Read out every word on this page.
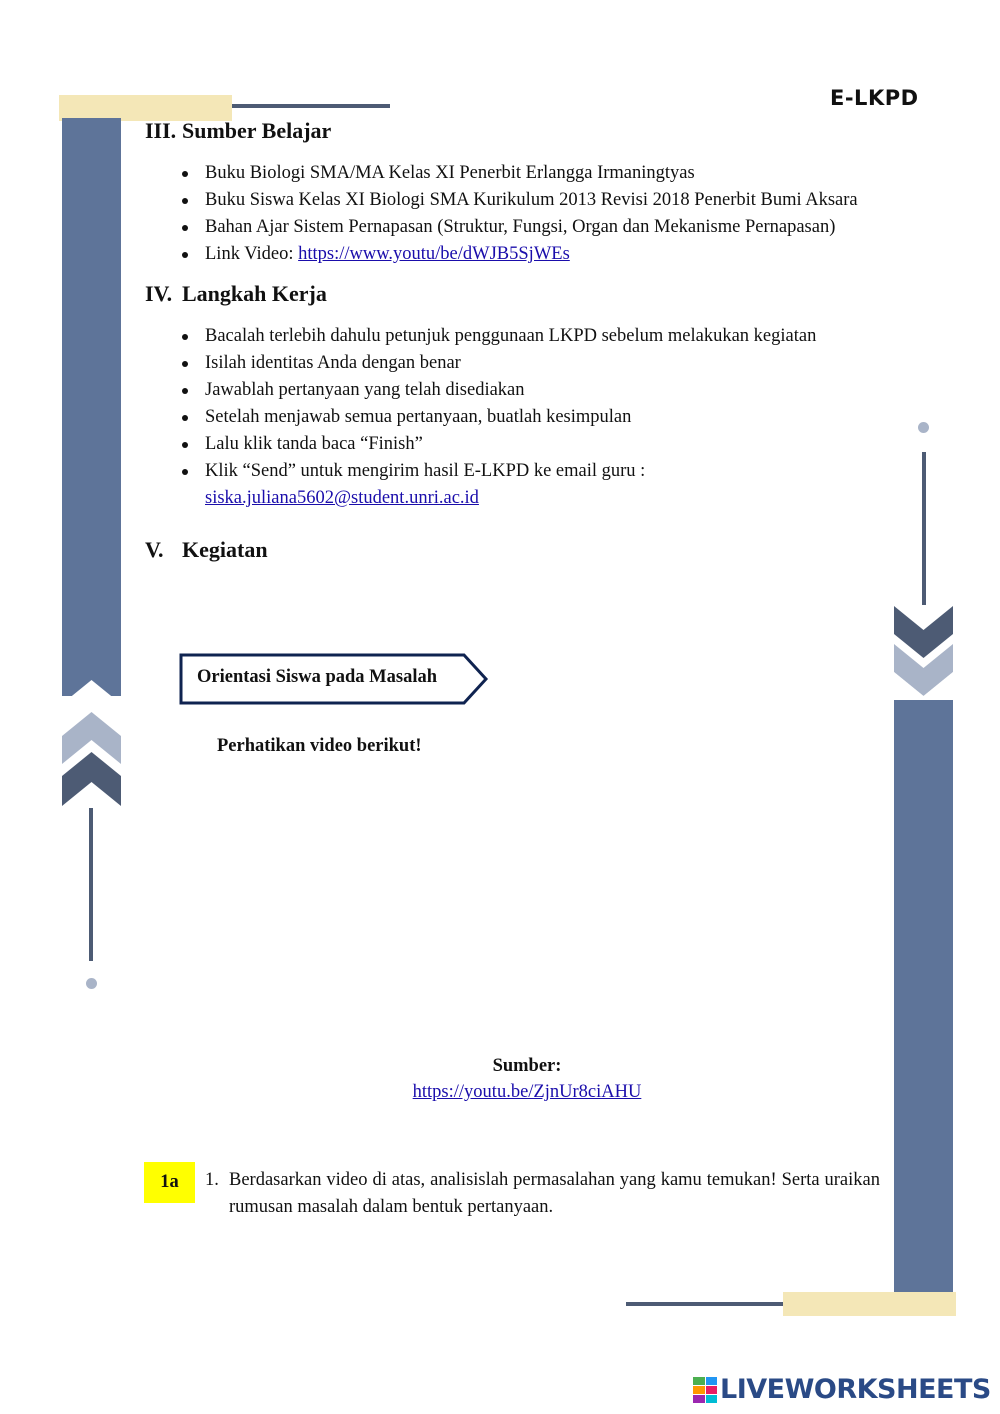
E-LKPD
III. Sumber Belajar
Buku Biologi SMA/MA Kelas XI Penerbit Erlangga Irmaningtyas
Buku Siswa Kelas XI Biologi SMA Kurikulum 2013 Revisi 2018 Penerbit Bumi Aksara
Bahan Ajar Sistem Pernapasan (Struktur, Fungsi, Organ dan Mekanisme Pernapasan)
Link Video: https://www.youtu/be/dWJB5SjWEs
IV. Langkah Kerja
Bacalah terlebih dahulu petunjuk penggunaan LKPD sebelum melakukan kegiatan
Isilah identitas Anda dengan benar
Jawablah pertanyaan yang telah disediakan
Setelah menjawab semua pertanyaan, buatlah kesimpulan
Lalu klik tanda baca “Finish”
Klik “Send” untuk mengirim hasil E-LKPD ke email guru :
siska.juliana5602@student.unri.ac.id
V. Kegiatan
Orientasi Siswa pada Masalah
Perhatikan video berikut!
Sumber:
https://youtu.be/ZjnUr8ciAHU
1a	1. Berdasarkan video di atas, analisislah permasalahan yang kamu temukan! Serta uraikan rumusan masalah dalam bentuk pertanyaan.
LIVEWORKSHEETS
